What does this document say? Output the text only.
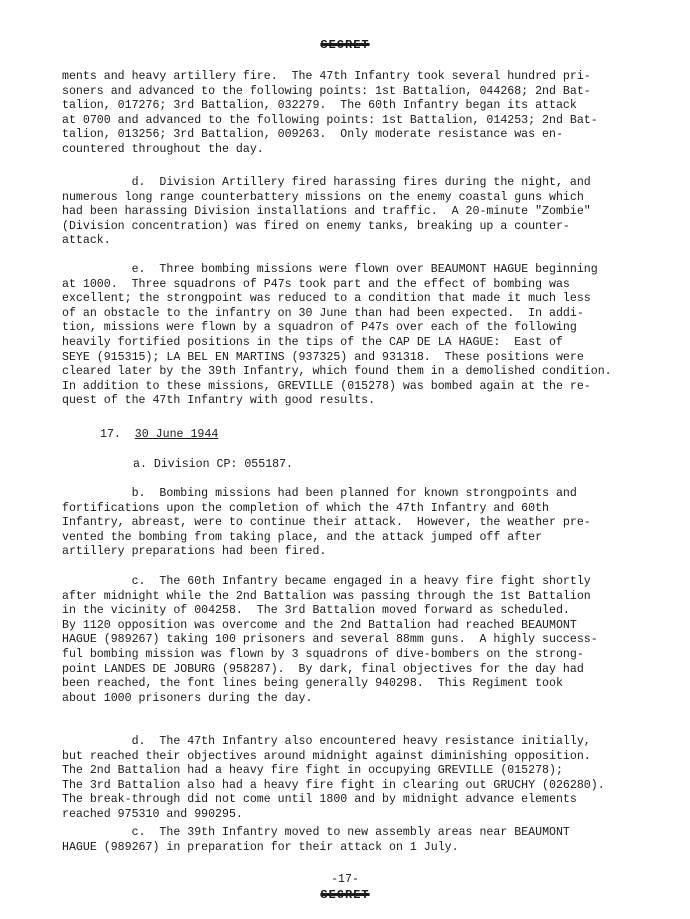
SECRET

ments and heavy artillery fire.  The 47th Infantry took several hundred pri-
soners and advanced to the following points: 1st Battalion, 044268; 2nd Bat-
talion, 017276; 3rd Battalion, 032279.  The 60th Infantry began its attack
at 0700 and advanced to the following points: 1st Battalion, 014253; 2nd Bat-
talion, 013256; 3rd Battalion, 009263.  Only moderate resistance was en-
countered throughout the day.

d.  Division Artillery fired harassing fires during the night, and
numerous long range counterbattery missions on the enemy coastal guns which
had been harassing Division installations and traffic.  A 20-minute "Zombie"
(Division concentration) was fired on enemy tanks, breaking up a counter-
attack.

e.  Three bombing missions were flown over BEAUMONT HAGUE beginning
at 1000.  Three squadrons of P47s took part and the effect of bombing was
excellent; the strongpoint was reduced to a condition that made it much less
of an obstacle to the infantry on 30 June than had been expected.  In addi-
tion, missions were flown by a squadron of P47s over each of the following
heavily fortified positions in the tips of the CAP DE LA HAGUE:  East of
SEYE (915315); LA BEL EN MARTINS (937325) and 931318.  These positions were
cleared later by the 39th Infantry, which found them in a demolished condition.
In addition to these missions, GREVILLE (015278) was bombed again at the re-
quest of the 47th Infantry with good results.

17. 30 June 1944

a. Division CP: 055187.

b.  Bombing missions had been planned for known strongpoints and
fortifications upon the completion of which the 47th Infantry and 60th
Infantry, abreast, were to continue their attack.  However, the weather pre-
vented the bombing from taking place, and the attack jumped off after
artillery preparations had been fired.

c.  The 60th Infantry became engaged in a heavy fire fight shortly
after midnight while the 2nd Battalion was passing through the 1st Battalion
in the vicinity of 004258.  The 3rd Battalion moved forward as scheduled.
By 1120 opposition was overcome and the 2nd Battalion had reached BEAUMONT
HAGUE (989267) taking 100 prisoners and several 88mm guns.  A highly success-
ful bombing mission was flown by 3 squadrons of dive-bombers on the strong-
point LANDES DE JOBURG (958287).  By dark, final objectives for the day had
been reached, the font lines being generally 940298.  This Regiment took
about 1000 prisoners during the day.

d.  The 47th Infantry also encountered heavy resistance initially,
but reached their objectives around midnight against diminishing opposition.
The 2nd Battalion had a heavy fire fight in occupying GREVILLE (015278);
The 3rd Battalion also had a heavy fire fight in clearing out GRUCHY (026280).
The break-through did not come until 1800 and by midnight advance elements
reached 975310 and 990295.

c.  The 39th Infantry moved to new assembly areas near BEAUMONT
HAGUE (989267) in preparation for their attack on 1 July.

-17-
SECRET
